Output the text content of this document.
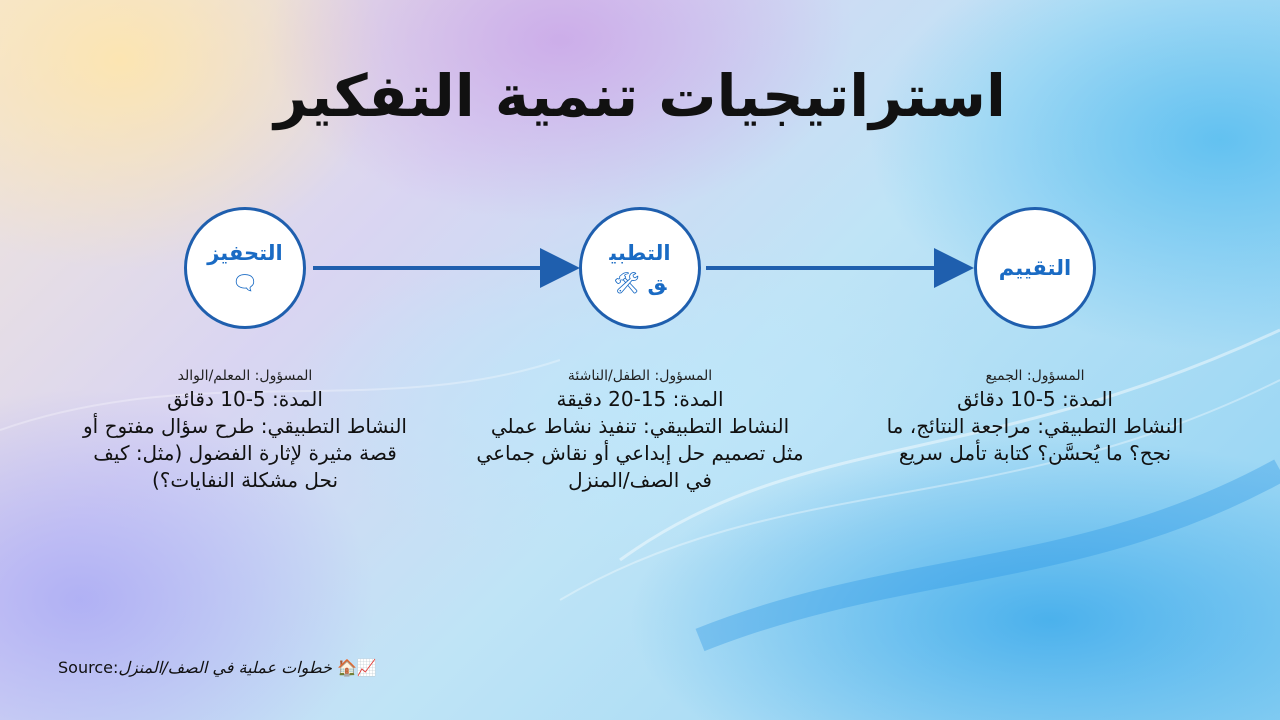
استراتيجيات تنمية التفكير
التحفيز 🗨
التطبيق 🛠
التقييم
المسؤول: المعلم/الوالد
المدة: 5-10 دقائق
النشاط التطبيقي: طرح سؤال مفتوح أو قصة مثيرة لإثارة الفضول (مثل: كيف نحل مشكلة النفايات؟)
المسؤول: الطفل/الناشئة
المدة: 15-20 دقيقة
النشاط التطبيقي: تنفيذ نشاط عملي مثل تصميم حل إبداعي أو نقاش جماعي في الصف/المنزل
المسؤول: الجميع
المدة: 5-10 دقائق
النشاط التطبيقي: مراجعة النتائج، ما نجح؟ ما يُحسَّن؟ كتابة تأمل سريع
Source:خطوات عملية في الصف/المنزل 🏠📈
